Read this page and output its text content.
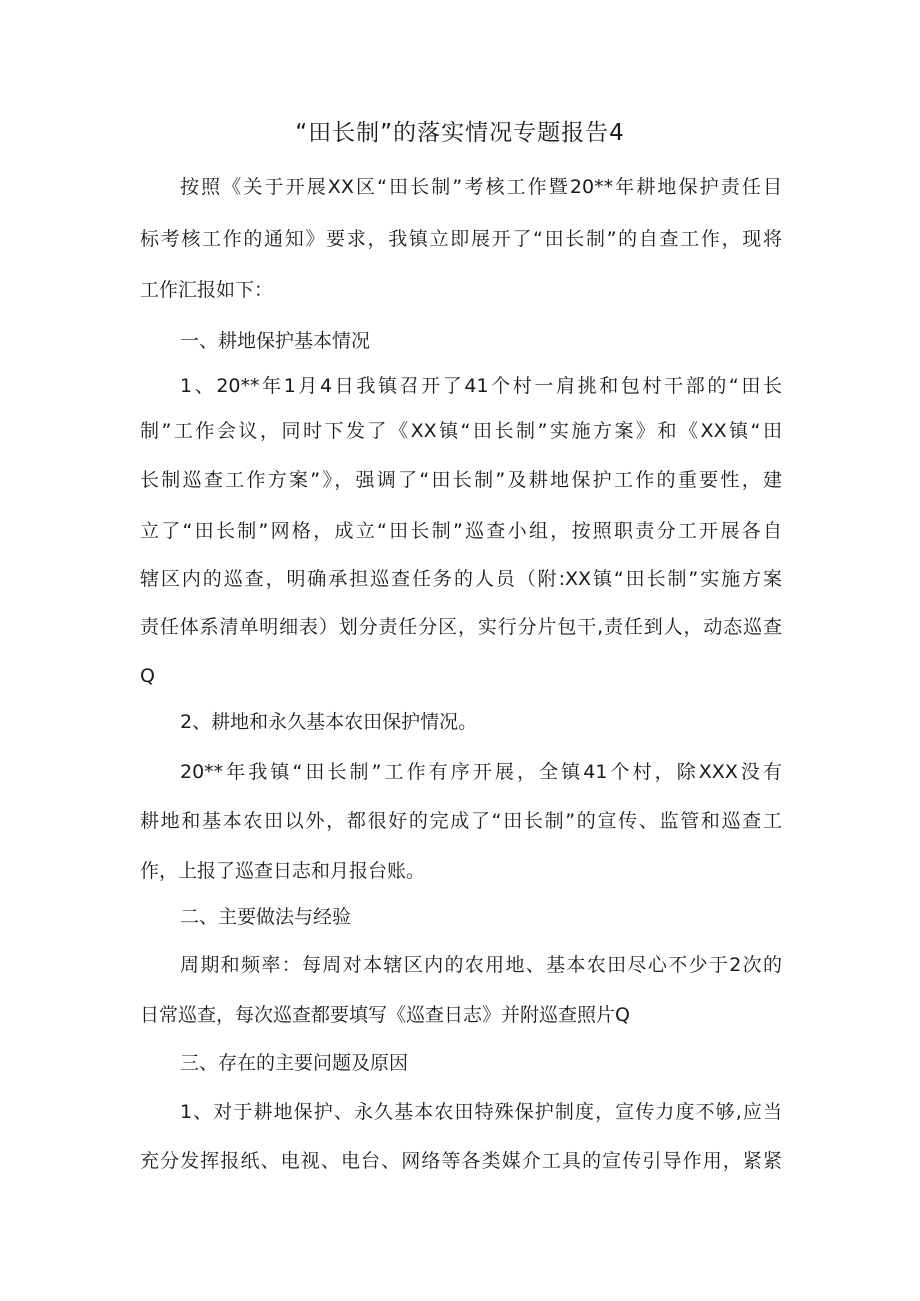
“田长制”的落实情况专题报告4
按照《关于开展XX区“田长制”考核工作暨20**年耕地保护责任目
标考核工作的通知》要求，我镇立即展开了“田长制”的自查工作，现将
工作汇报如下：
一、耕地保护基本情况
1、20**年1月4日我镇召开了41个村一肩挑和包村干部的“田长
制”工作会议，同时下发了《XX镇“田长制”实施方案》和《XX镇“田
长制巡查工作方案”》，强调了“田长制”及耕地保护工作的重要性，建
立了“田长制”网格，成立“田长制”巡查小组，按照职责分工开展各自
辖区内的巡查，明确承担巡查任务的人员（附:XX镇“田长制”实施方案
责任体系清单明细表）划分责任分区，实行分片包干,责任到人，动态巡查
Q
2、耕地和永久基本农田保护情况。
20**年我镇“田长制”工作有序开展，全镇41个村，除XXX没有
耕地和基本农田以外，都很好的完成了“田长制”的宣传、监管和巡查工
作，上报了巡查日志和月报台账。
二、主要做法与经验
周期和频率：每周对本辖区内的农用地、基本农田尽心不少于2次的
日常巡查，每次巡查都要填写《巡查日志》并附巡查照片Q
三、存在的主要问题及原因
1、对于耕地保护、永久基本农田特殊保护制度，宣传力度不够,应当
充分发挥报纸、电视、电台、网络等各类媒介工具的宣传引导作用，紧紧
